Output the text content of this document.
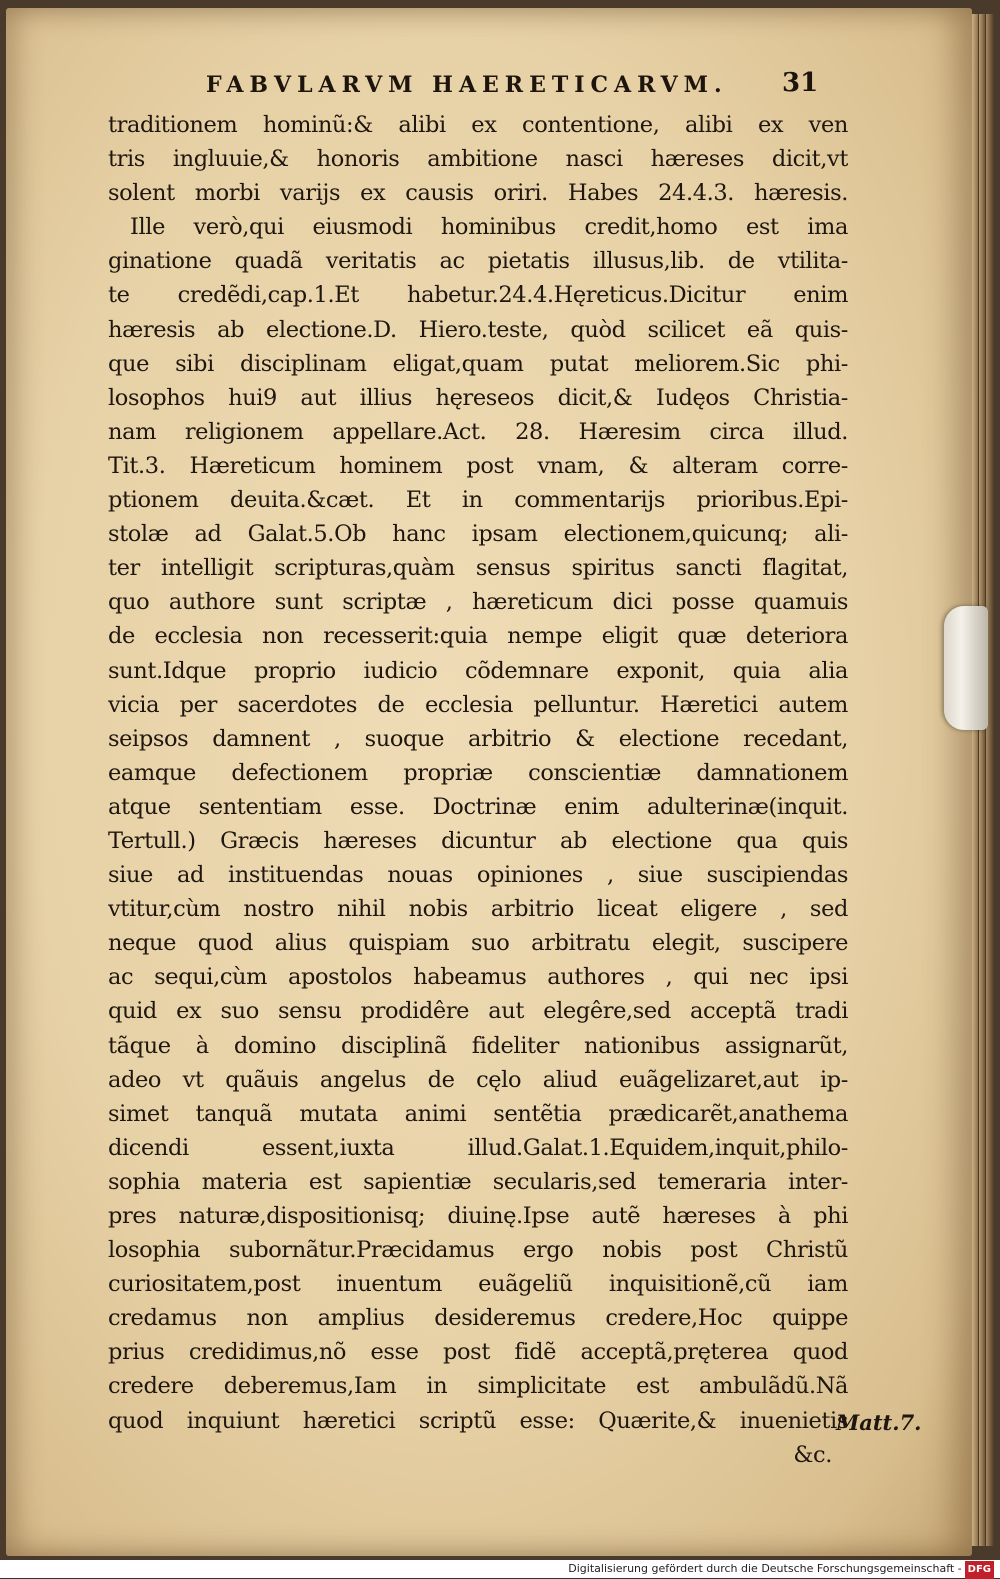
FABVLARVM HAERETICARVM. 31
traditionem hominũ:& alibi ex contentione, alibi ex ven
tris ingluuie,& honoris ambitione nasci hæreses dicit,vt
solent morbi varijs ex causis oriri. Habes 24.4.3. hæresis.
Ille verò,qui eiusmodi hominibus credit,homo est ima
ginatione quadã veritatis ac pietatis illusus,lib. de vtilita-
te credẽdi,cap.1.Et habetur.24.4.Hęreticus.Dicitur enim
hæresis ab electione.D. Hiero.teste, quòd scilicet eã quis-
que sibi disciplinam eligat,quam putat meliorem.Sic phi-
losophos hui9 aut illius hęreseos dicit,& Iudęos Christia-
nam religionem appellare.Act. 28. Hæresim circa illud.
Tit.3. Hæreticum hominem post vnam, & alteram corre-
ptionem deuita.&cæt. Et in commentarijs prioribus.Epi-
stolæ ad Galat.5.Ob hanc ipsam electionem,quicunq; ali-
ter intelligit scripturas,quàm sensus spiritus sancti flagitat,
quo authore sunt scriptæ , hæreticum dici posse quamuis
de ecclesia non recesserit:quia nempe eligit quæ deteriora
sunt.Idque proprio iudicio cõdemnare exponit, quia alia
vicia per sacerdotes de ecclesia pelluntur. Hæretici autem
seipsos damnent , suoque arbitrio & electione recedant,
eamque defectionem propriæ conscientiæ damnationem
atque sententiam esse. Doctrinæ enim adulterinæ(inquit.
Tertull.) Græcis hæreses dicuntur ab electione qua quis
siue ad instituendas nouas opiniones , siue suscipiendas
vtitur,cùm nostro nihil nobis arbitrio liceat eligere , sed
neque quod alius quispiam suo arbitratu elegit, suscipere
ac sequi,cùm apostolos habeamus authores , qui nec ipsi
quid ex suo sensu prodidêre aut elegêre,sed acceptã tradi
tãque à domino disciplinã fideliter nationibus assignarũt,
adeo vt quãuis angelus de cęlo aliud euãgelizaret,aut ip-
simet tanquã mutata animi sentẽtia prædicarẽt,anathema
dicendi essent,iuxta illud.Galat.1.Equidem,inquit,philo-
sophia materia est sapientiæ secularis,sed temeraria inter-
pres naturæ,dispositionisq; diuinę.Ipse autẽ hæreses à phi
losophia subornãtur.Præcidamus ergo nobis post Christũ
curiositatem,post inuentum euãgeliũ inquisitionẽ,cũ iam
credamus non amplius desideremus credere,Hoc quippe
prius credidimus,nõ esse post fidẽ acceptã,pręterea quod
credere deberemus,Iam in simplicitate est ambulãdũ.Nã
quod inquiunt hæretici scriptũ esse: Quærite,& inuenietis
&c.
Matt.7.
Digitalisierung gefördert durch die Deutsche Forschungsgemeinschaft - DFG
